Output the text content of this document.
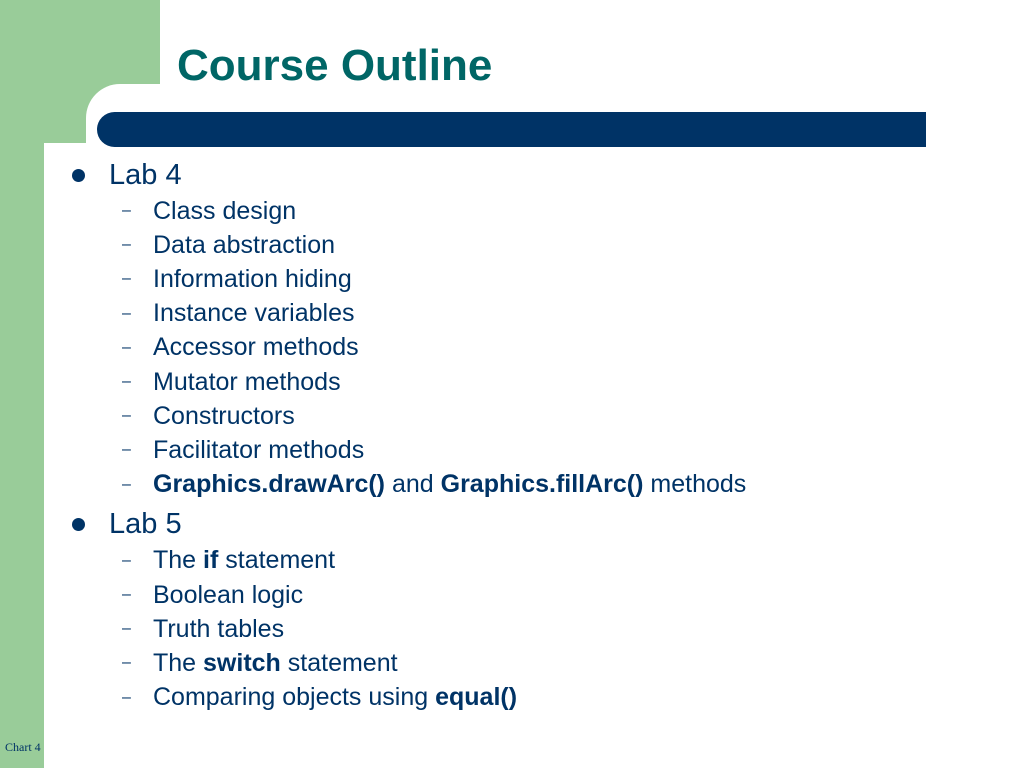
Course Outline
Lab 4
– Class design
– Data abstraction
– Information hiding
– Instance variables
– Accessor methods
– Mutator methods
– Constructors
– Facilitator methods
– Graphics.drawArc() and Graphics.fillArc() methods
Lab 5
– The if statement
– Boolean logic
– Truth tables
– The switch statement
– Comparing objects using equal()
Chart 4
